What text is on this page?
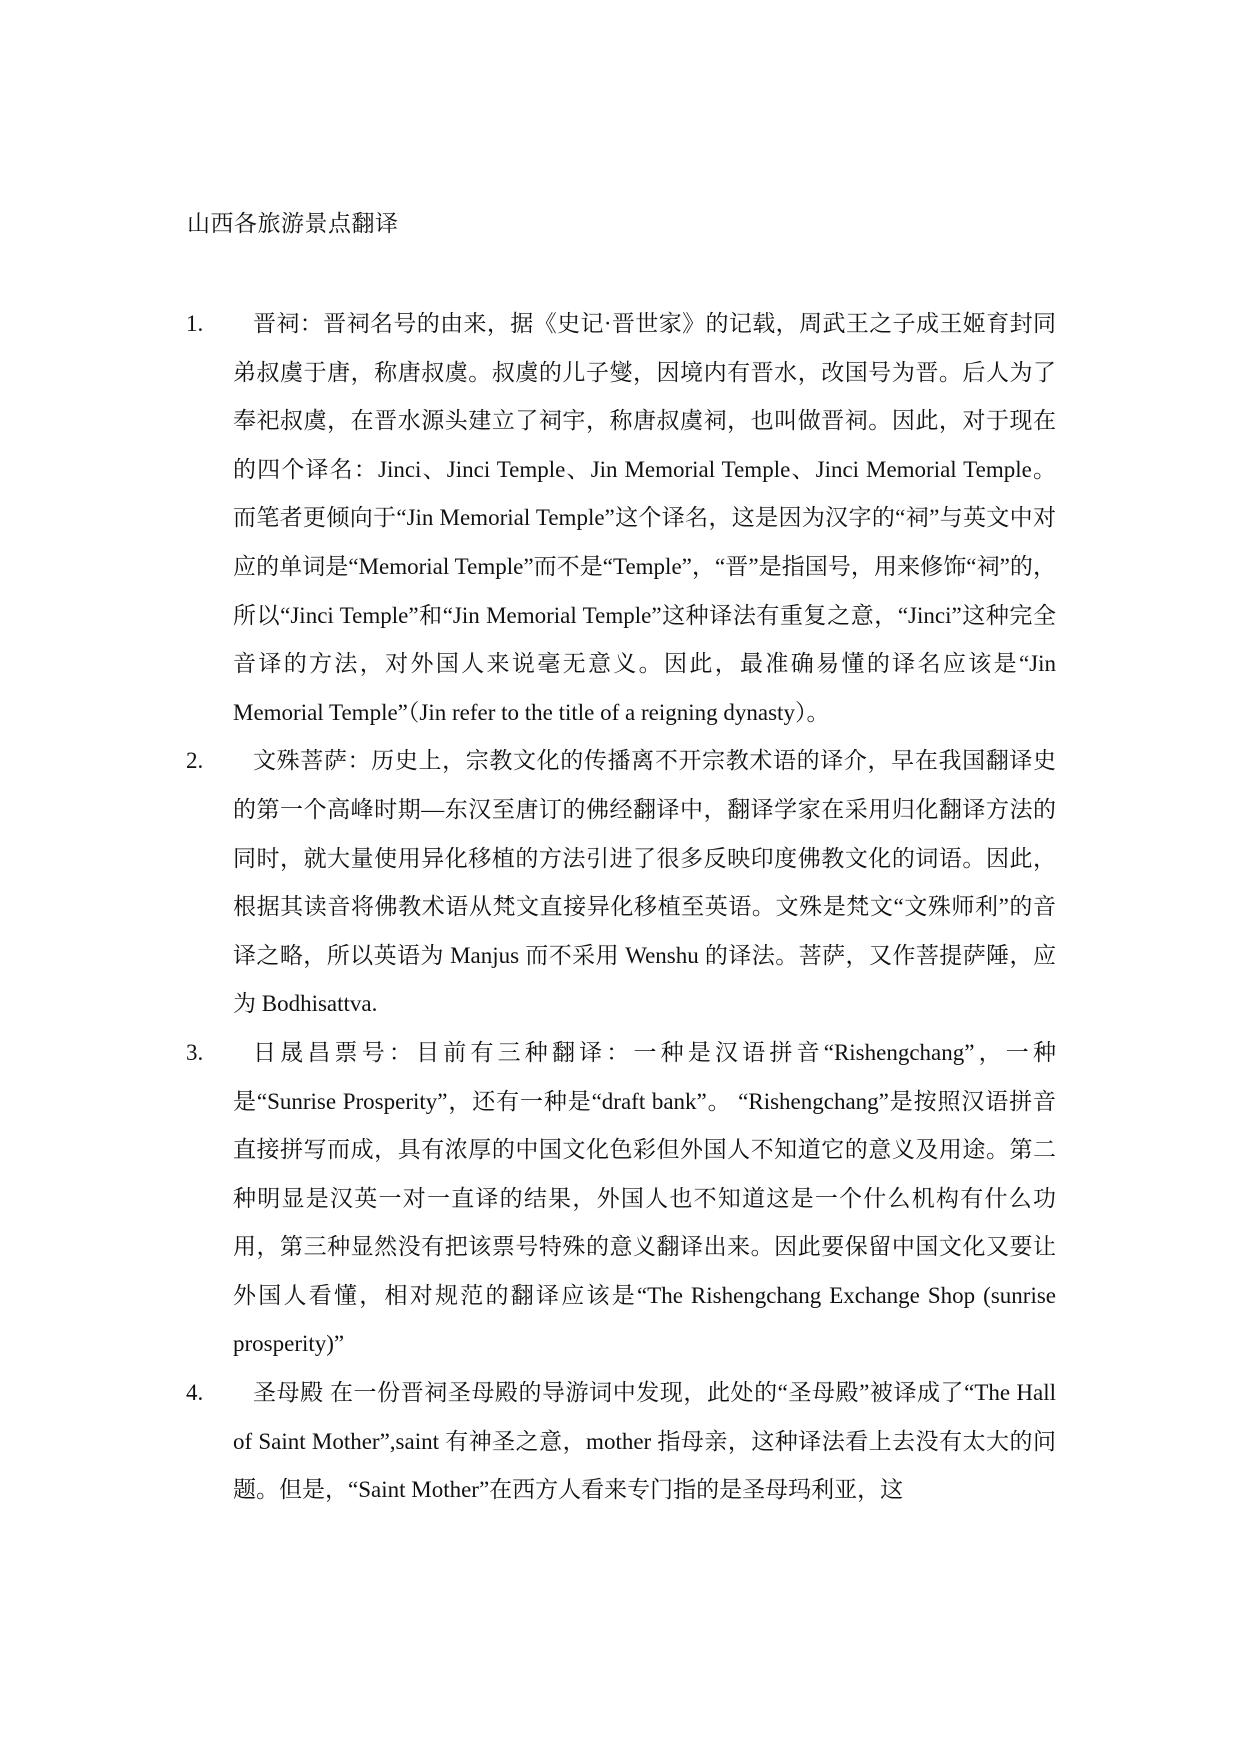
山西各旅游景点翻译
1.	晋祠：晋祠名号的由来，据《史记·晋世家》的记载，周武王之子成王姬育封同弟叔虞于唐，称唐叔虞。叔虞的儿子燮，因境内有晋水，改国号为晋。后人为了奉祀叔虞，在晋水源头建立了祠宇，称唐叔虞祠，也叫做晋祠。因此，对于现在的四个译名：Jinci、Jinci Temple、Jin Memorial Temple、Jinci Memorial Temple。而笔者更倾向于“Jin Memorial Temple”这个译名，这是因为汉字的“祠”与英文中对应的单词是“Memorial Temple”而不是“Temple”，“晋”是指国号，用来修饰“祠”的，所以“Jinci Temple”和“Jin Memorial Temple”这种译法有重复之意，“Jinci”这种完全音译的方法，对外国人来说毫无意义。因此，最准确易懂的译名应该是“Jin Memorial Temple”（Jin refer to the title of a reigning dynasty）。
2.	文殊菩萨：历史上，宗教文化的传播离不开宗教术语的译介，早在我国翻译史的第一个高峰时期—东汉至唐订的佛经翻译中，翻译学家在采用归化翻译方法的同时，就大量使用异化移植的方法引进了很多反映印度佛教文化的词语。因此，根据其读音将佛教术语从梵文直接异化移植至英语。文殊是梵文“文殊师利”的音译之略，所以英语为 Manjus 而不采用 Wenshu 的译法。菩萨，又作菩提萨陲，应为 Bodhisattva.
3.	日晟昌票号：目前有三种翻译：一种是汉语拼音“Rishengchang”，一种是“Sunrise Prosperity”，还有一种是“draft bank”。 “Rishengchang”是按照汉语拼音直接拼写而成，具有浓厚的中国文化色彩但外国人不知道它的意义及用途。第二种明显是汉英一对一直译的结果，外国人也不知道这是一个什么机构有什么功用，第三种显然没有把该票号特殊的意义翻译出来。因此要保留中国文化又要让外国人看懂，相对规范的翻译应该是“The Rishengchang Exchange Shop (sunrise prosperity)”
4.	圣母殿 在一份晋祠圣母殿的导游词中发现，此处的“圣母殿”被译成了“The Hall of Saint Mother”,saint 有神圣之意，mother 指母亲，这种译法看上去没有太大的问题。但是，“Saint Mother”在西方人看来专门指的是圣母玛利亚，这
